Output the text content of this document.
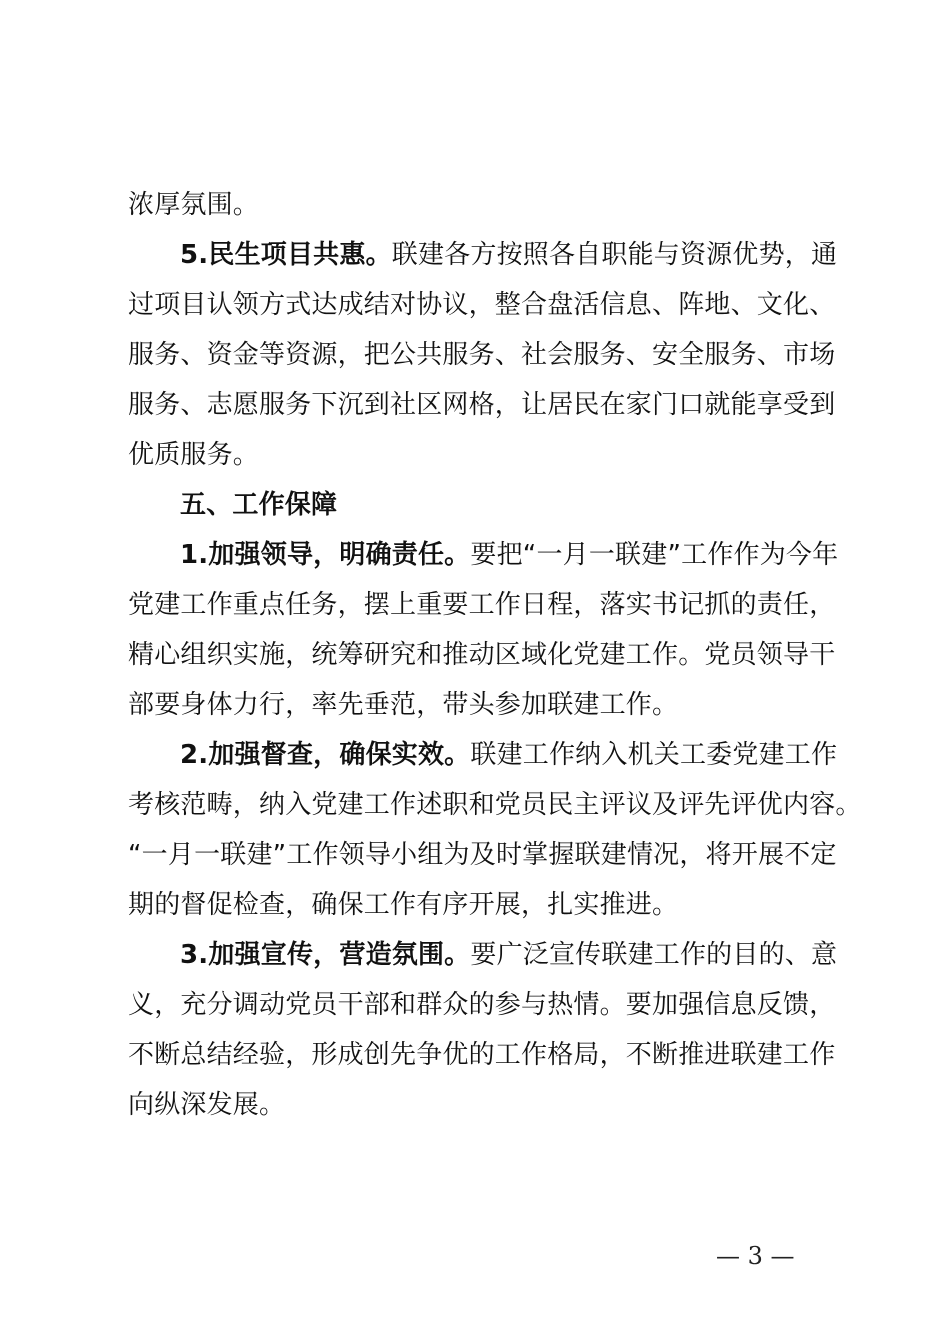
浓厚氛围。
5.民生项目共惠。联建各方按照各自职能与资源优势，通
过项目认领方式达成结对协议，整合盘活信息、阵地、文化、
服务、资金等资源，把公共服务、社会服务、安全服务、市场
服务、志愿服务下沉到社区网格，让居民在家门口就能享受到
优质服务。
五、工作保障
1.加强领导，明确责任。要把“一月一联建”工作作为今年
党建工作重点任务，摆上重要工作日程，落实书记抓的责任，
精心组织实施，统筹研究和推动区域化党建工作。党员领导干
部要身体力行，率先垂范，带头参加联建工作。
2.加强督查，确保实效。联建工作纳入机关工委党建工作
考核范畴，纳入党建工作述职和党员民主评议及评先评优内容。
“一月一联建”工作领导小组为及时掌握联建情况，将开展不定
期的督促检查，确保工作有序开展，扎实推进。
3.加强宣传，营造氛围。要广泛宣传联建工作的目的、意
义，充分调动党员干部和群众的参与热情。要加强信息反馈，
不断总结经验，形成创先争优的工作格局，不断推进联建工作
向纵深发展。
— 3 —
